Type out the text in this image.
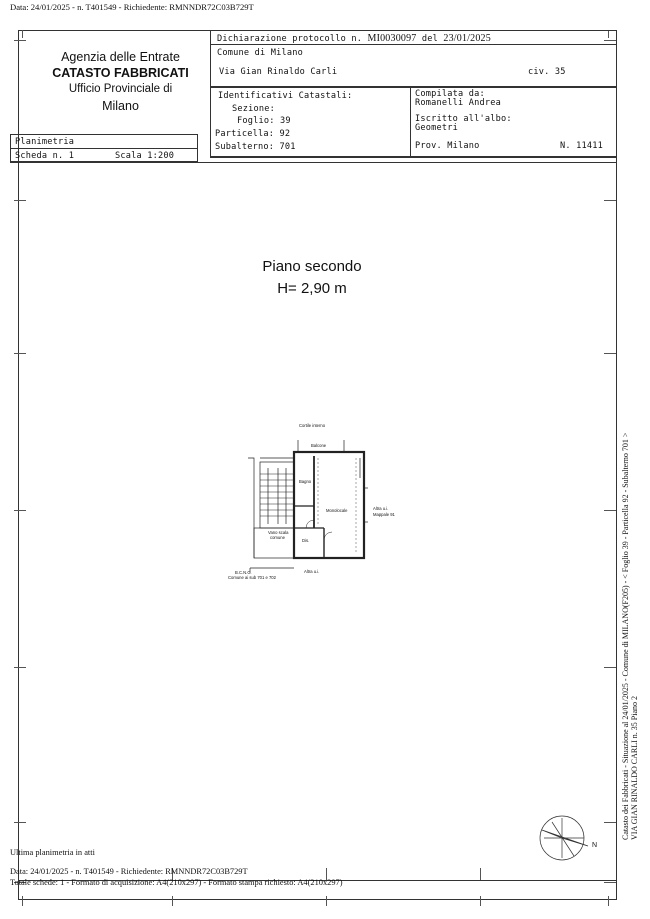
Data: 24/01/2025 - n. T401549 - Richiedente: RMNNDR72C03B729T
Agenzia delle Entrate
CATASTO FABBRICATI
Ufficio Provinciale di
Milano
Dichiarazione protocollo n. MI0030097 del 23/01/2025
Comune di Milano
Via Gian Rinaldo Carli	civ. 35
Identificativi Catastali:
Sezione:
Foglio: 39
Particella: 92
Subalterno: 701
Compilata da:
Romanelli Andrea
Iscritto all'albo:
Geometri
Prov. Milano	N. 11411
Planimetria
Scheda n. 1	Scala 1:200
Piano secondo
H= 2,90 m
Cortile interno
Balcone
Bagno
Monolocale	Altra u.i.
Mappale 91
Vano scala
comune
Dis.
B.C.N.C.
Comune ai sub 701 e 702
Altra u.i.	Catasto dei Fabbricati - Situazione al 24/01/2025 - Comune di MILANO(F205) - < Foglio 39 - Particella 92 - Subalterno 701 > VIA GIAN RINALDO CARLI n. 35 Piano 2
N
Ultima planimetria in atti
Data: 24/01/2025 - n. T401549 - Richiedente: RMNNDR72C03B729T
Totale schede: 1 - Formato di acquisizione: A4(210x297) - Formato stampa richiesto: A4(210x297)
